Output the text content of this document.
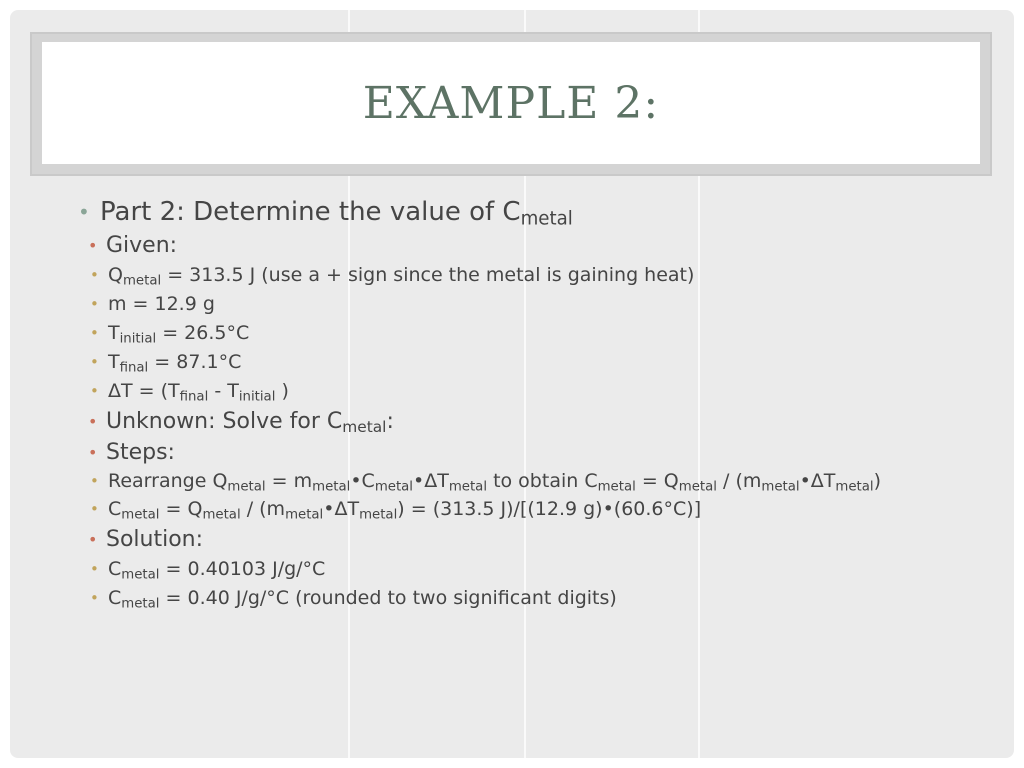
EXAMPLE 2:
• Part 2: Determine the value of $C_{metal}$
• Given:
• $Q_{metal} = 313.5$ J (use a + sign since the metal is gaining heat)
• m = 12.9 g
• $T_{initial} = 26.5^\circ C$
• $T_{final} = 87.1^\circ C$
• $\Delta T = (T_{final} - T_{initial}$ )
• Unknown: Solve for $C_{metal}$:
• Steps:
• Rearrange $Q_{metal}$ = $m_{metal}•C_{metal}•\Delta T_{metal}$ to obtain $C_{metal} = Q_{metal}$ / $(m_{metal}•\Delta T_{metal})$
• $C_{metal} = Q_{metal}$ / $(m_{metal}•\Delta T_{metal}) = (313.5$ J)/[(12.9 g)•(60.6°C)]
• Solution:
• $C_{metal} = 0.40103$ J/g/°C
• $C_{metal} = 0.40$ J/g/°C (rounded to two significant digits)
